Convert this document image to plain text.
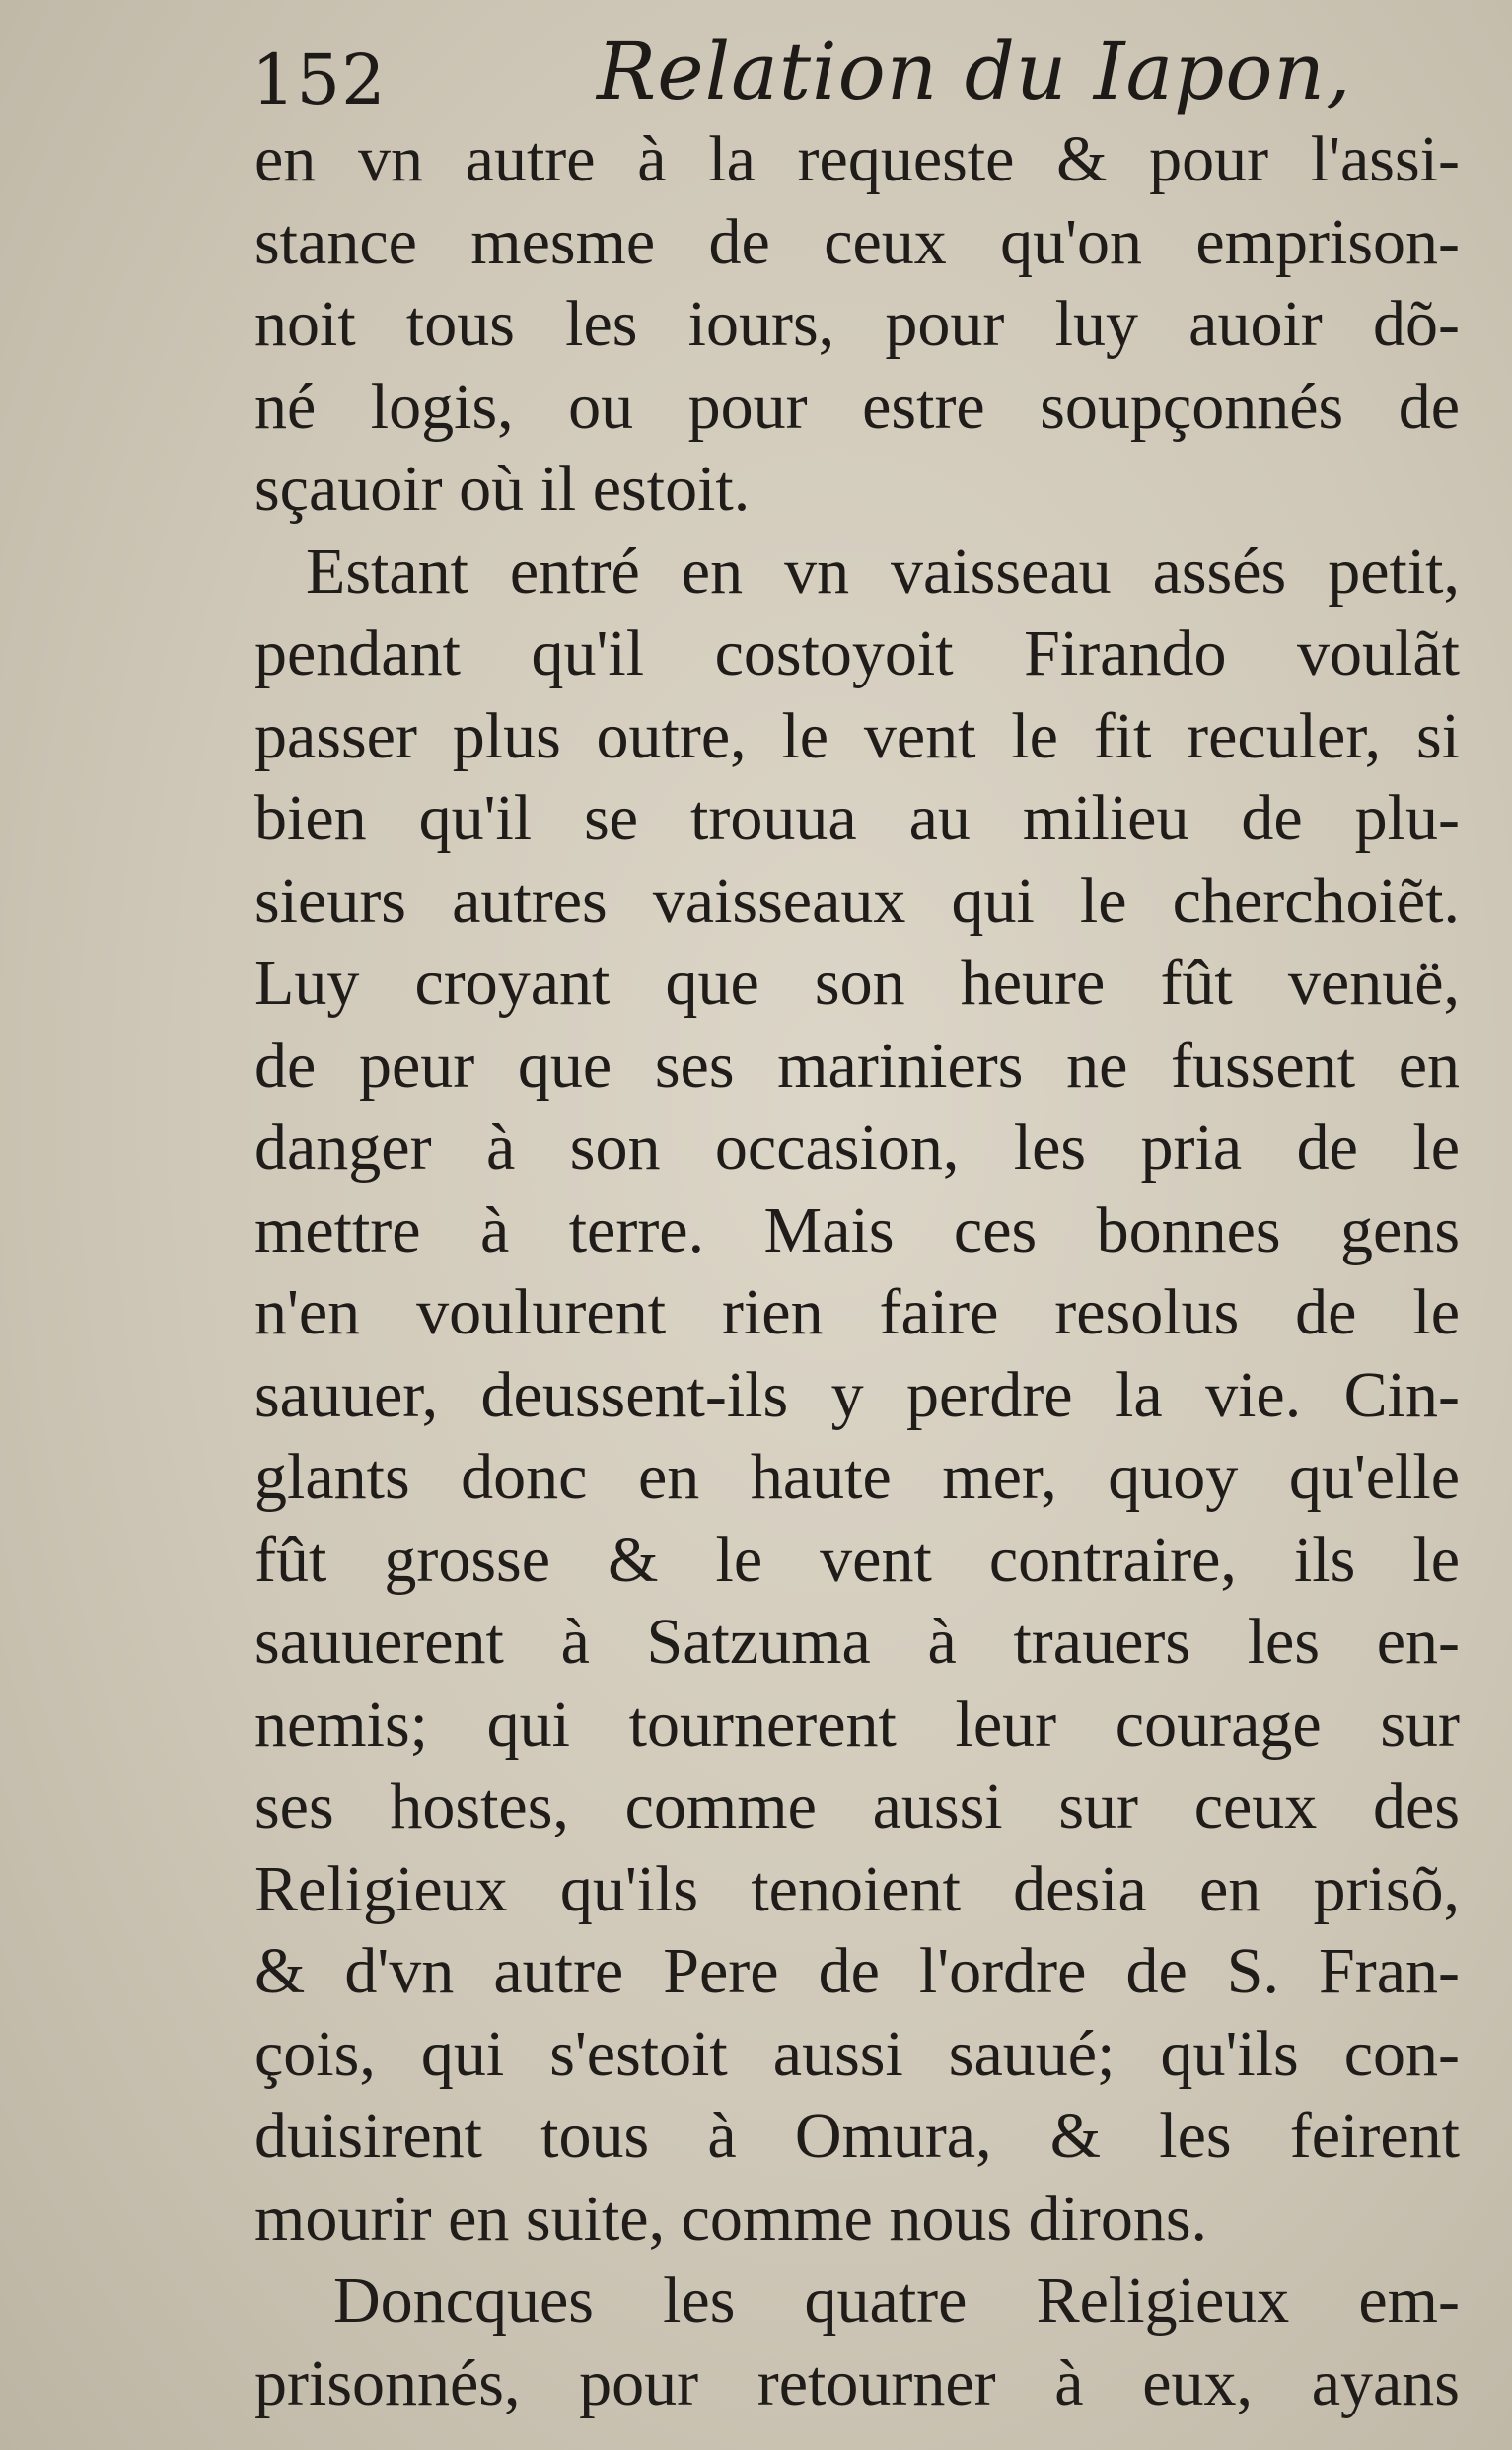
152	Relation du Iapon,
en vn autre à la requeste & pour l'assi-
stance mesme de ceux qu'on emprison-
noit tous les iours, pour luy auoir dõ-
né logis, ou pour estre soupçonnés de
sçauoir où il estoit.
Estant entré en vn vaisseau assés petit,
pendant qu'il costoyoit Firando voulãt
passer plus outre, le vent le fit reculer, si
bien qu'il se trouua au milieu de plu-
sieurs autres vaisseaux qui le cherchoiẽt.
Luy croyant que son heure fût venuë,
de peur que ses mariniers ne fussent en
danger à son occasion, les pria de le
mettre à terre. Mais ces bonnes gens
n'en voulurent rien faire resolus de le
sauuer, deussent-ils y perdre la vie. Cin-
glants donc en haute mer, quoy qu'elle
fût grosse & le vent contraire, ils le
sauuerent à Satzuma à trauers les en-
nemis; qui tournerent leur courage sur
ses hostes, comme aussi sur ceux des
Religieux qu'ils tenoient desia en prisõ,
& d'vn autre Pere de l'ordre de S. Fran-
çois, qui s'estoit aussi sauué; qu'ils con-
duisirent tous à Omura, & les feirent
mourir en suite, comme nous dirons.
Doncques les quatre Religieux em-
prisonnés, pour retourner à eux, ayans
